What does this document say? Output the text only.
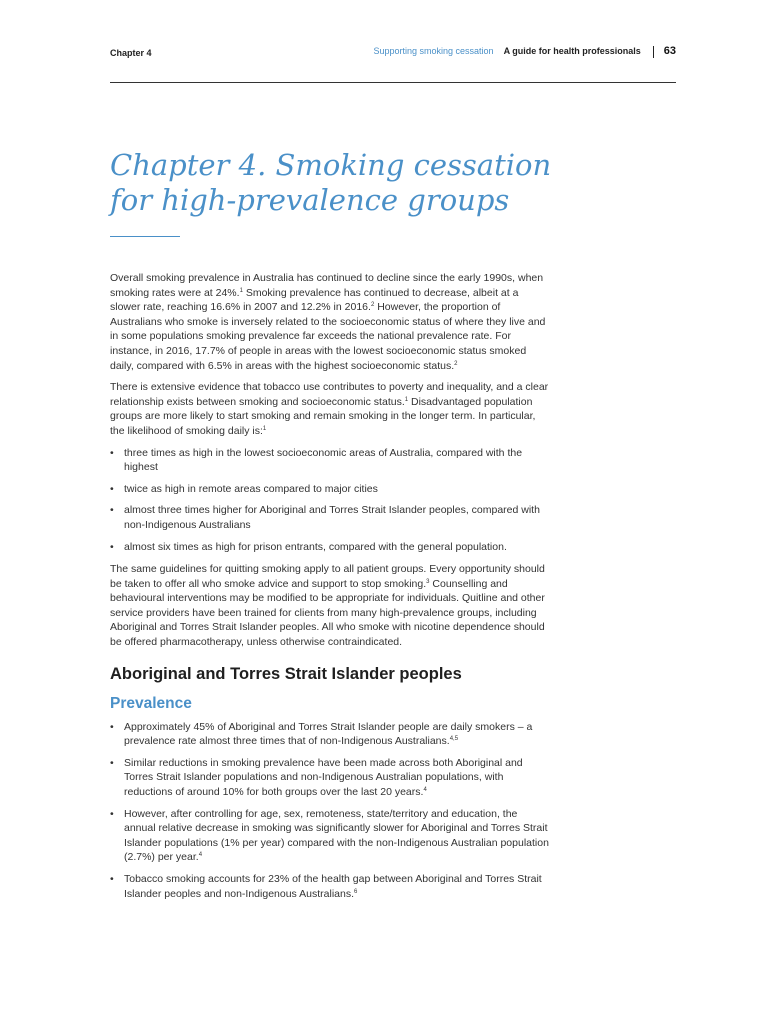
Chapter 4	Supporting smoking cessation A guide for health professionals 63
Chapter 4. Smoking cessation
for high-prevalence groups

Overall smoking prevalence in Australia has continued to decline since the early 1990s, when smoking rates were at 24%.$^1$ Smoking prevalence has continued to decrease, albeit at a slower rate, reaching 16.6% in 2007 and 12.2% in 2016.$^2$ However, the proportion of Australians who smoke is inversely related to the socioeconomic status of where they live and in some populations smoking prevalence far exceeds the national prevalence rate. For instance, in 2016, 17.7% of people in areas with the lowest socioeconomic status smoked daily, compared with 6.5% in areas with the highest socioeconomic status.$^2$

There is extensive evidence that tobacco use contributes to poverty and inequality, and a clear relationship exists between smoking and socioeconomic status.$^1$ Disadvantaged population groups are more likely to start smoking and remain smoking in the longer term. In particular, the likelihood of smoking daily is:$^1$

• three times as high in the lowest socioeconomic areas of Australia, compared with the highest
• twice as high in remote areas compared to major cities
• almost three times higher for Aboriginal and Torres Strait Islander peoples, compared with non-Indigenous Australians
• almost six times as high for prison entrants, compared with the general population.

The same guidelines for quitting smoking apply to all patient groups. Every opportunity should be taken to offer all who smoke advice and support to stop smoking.$^3$ Counselling and behavioural interventions may be modified to be appropriate for individuals. Quitline and other service providers have been trained for clients from many high-prevalence groups, including Aboriginal and Torres Strait Islander peoples. All who smoke with nicotine dependence should be offered pharmacotherapy, unless otherwise contraindicated.

Aboriginal and Torres Strait Islander peoples
Prevalence
• Approximately 45% of Aboriginal and Torres Strait Islander people are daily smokers – a prevalence rate almost three times that of non-Indigenous Australians.$^{4,5}$
• Similar reductions in smoking prevalence have been made across both Aboriginal and Torres Strait Islander populations and non-Indigenous Australian populations, with reductions of around 10% for both groups over the last 20 years.$^4$
• However, after controlling for age, sex, remoteness, state/territory and education, the annual relative decrease in smoking was significantly slower for Aboriginal and Torres Strait Islander populations (1% per year) compared with the non-Indigenous Australian population (2.7%) per year.$^4$
• Tobacco smoking accounts for 23% of the health gap between Aboriginal and Torres Strait Islander peoples and non-Indigenous Australians.$^6$
